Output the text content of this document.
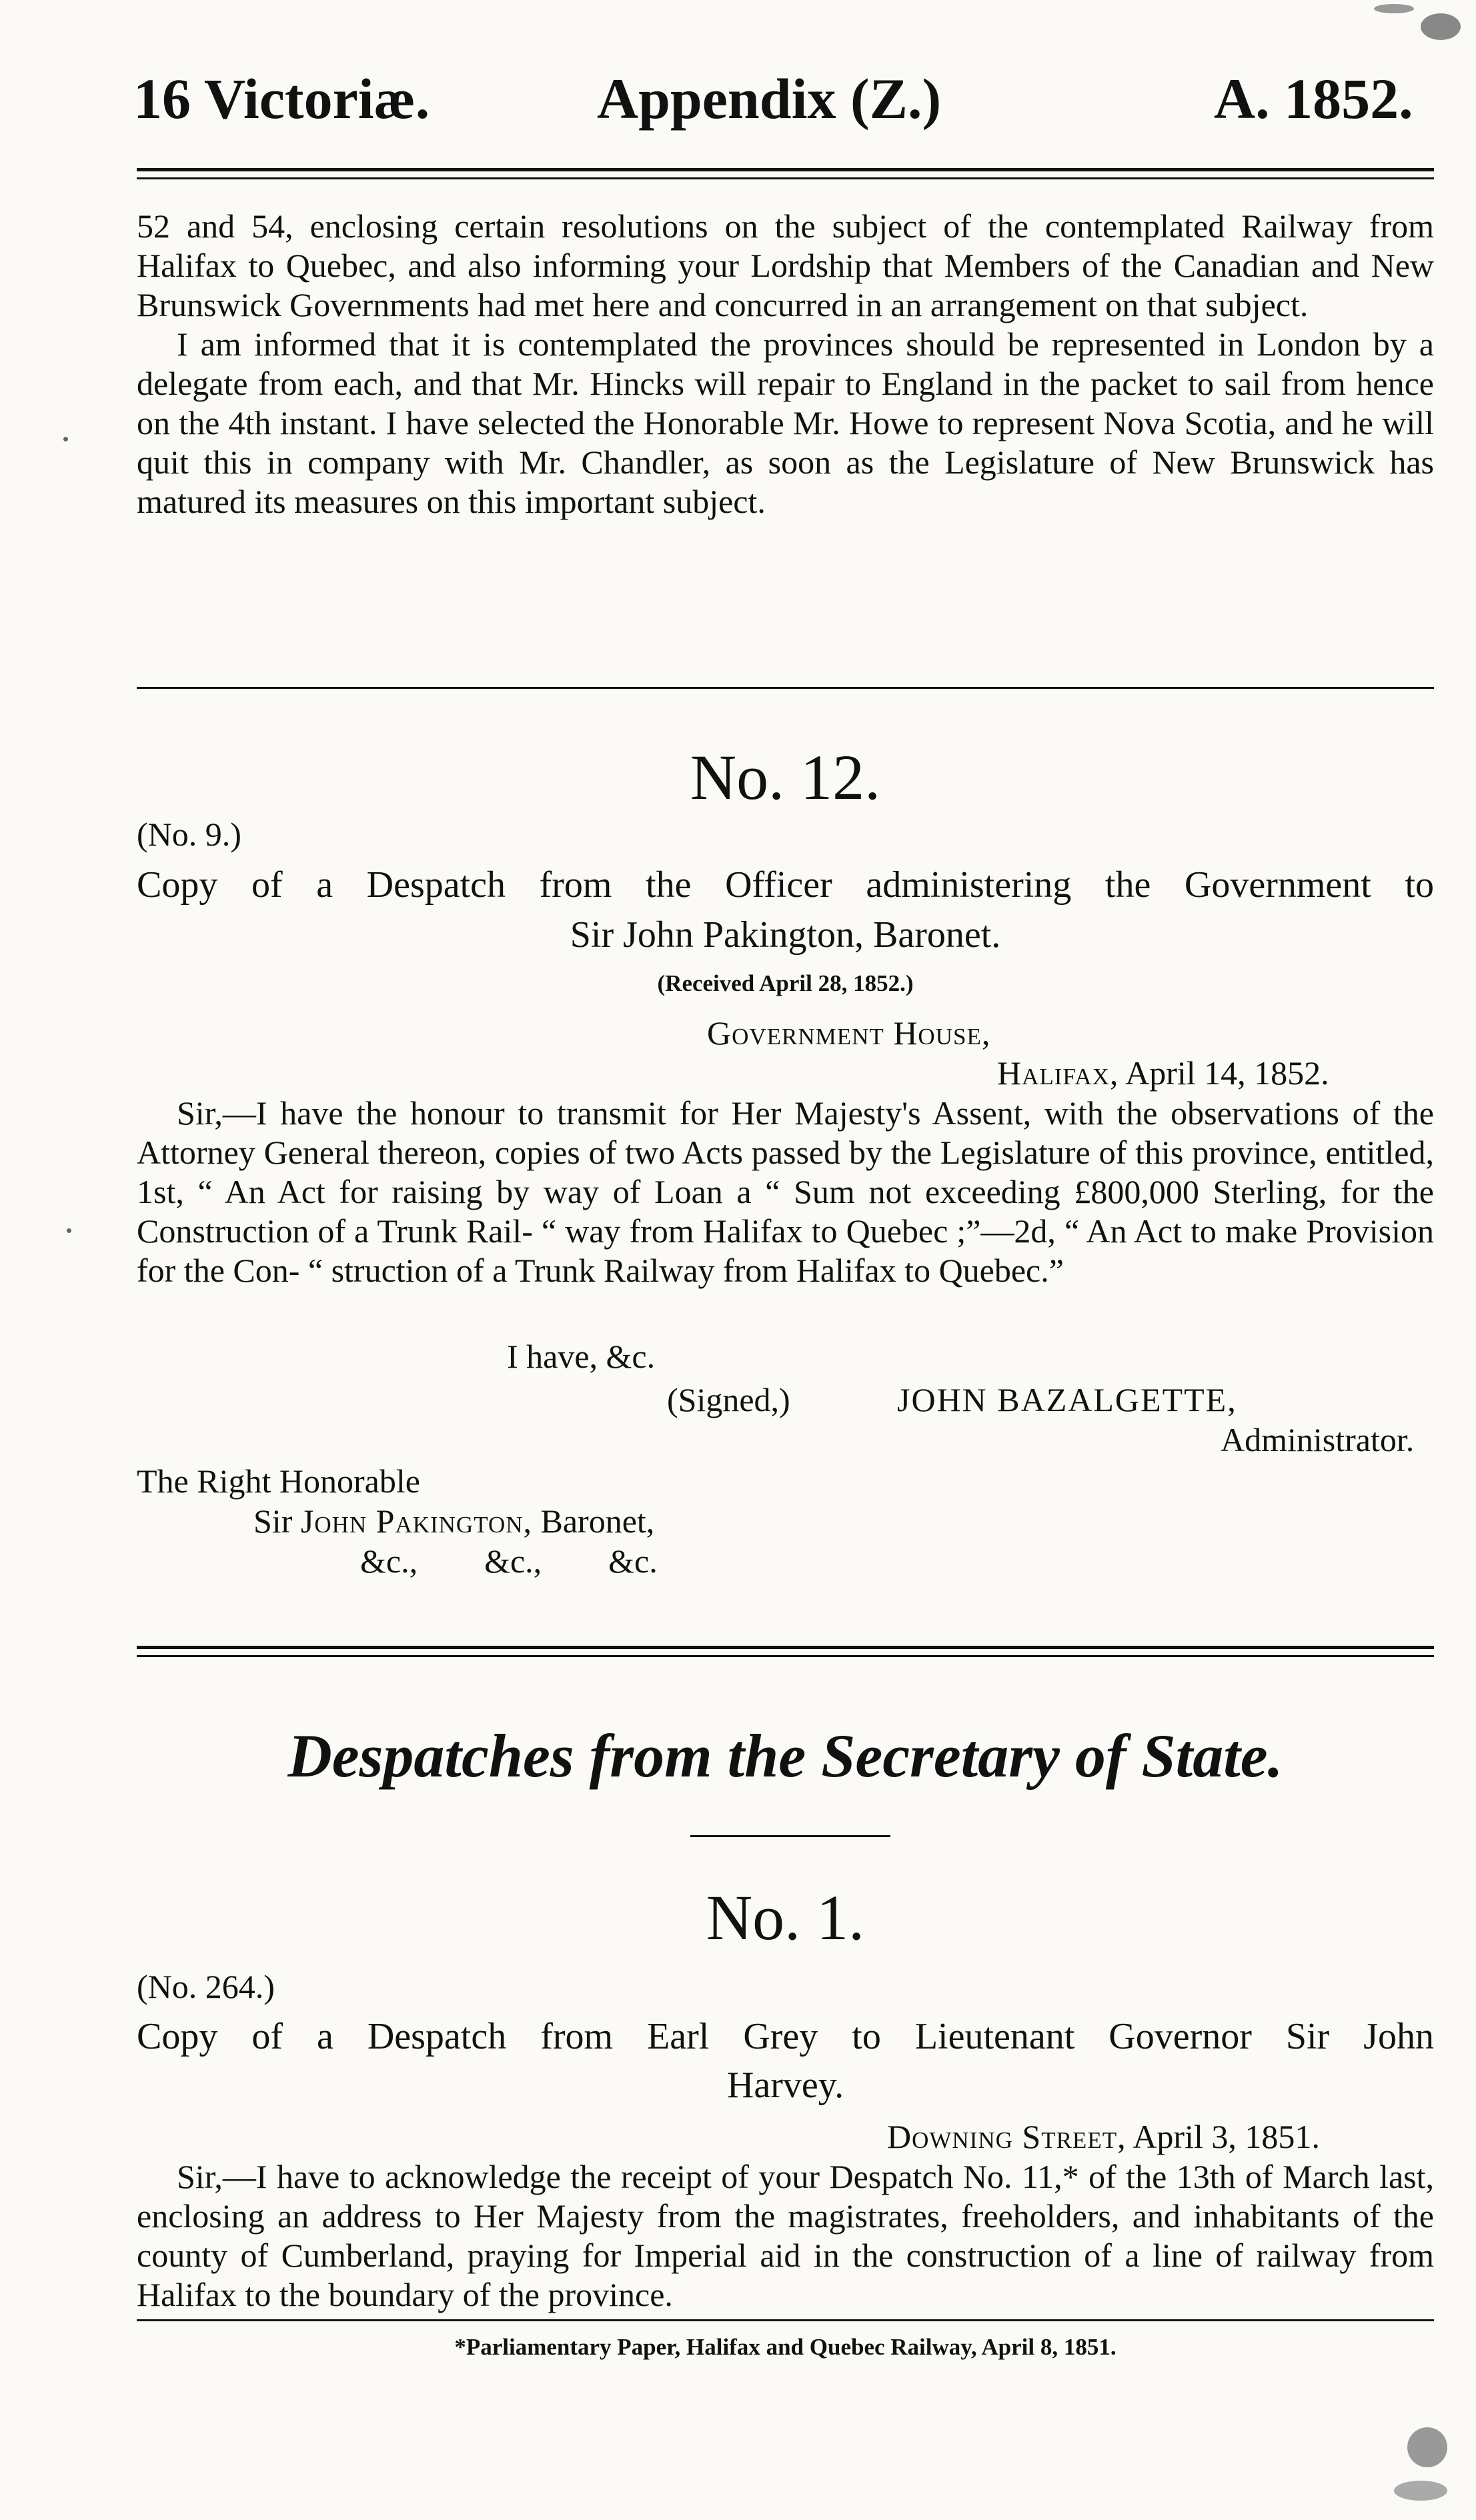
16 Victoriæ.	Appendix (Z.)	A. 1852.

52 and 54, enclosing certain resolutions on the subject of the contemplated Railway from Halifax to Quebec, and also informing your Lordship that Members of the Canadian and New Brunswick Governments had met here and concurred in an arrangement on that subject.

I am informed that it is contemplated the provinces should be represented in London by a delegate from each, and that Mr. Hincks will repair to England in the packet to sail from hence on the 4th instant. I have selected the Honorable Mr. Howe to represent Nova Scotia, and he will quit this in company with Mr. Chandler, as soon as the Legislature of New Brunswick has matured its measures on this important subject.

No. 12.
(No. 9.)
Copy of a Despatch from the Officer administering the Government to
Sir John Pakington, Baronet.
(Received April 28, 1852.)
Government House,
Halifax, April 14, 1852.

Sir,—I have the honour to transmit for Her Majesty's Assent, with the observations of the Attorney General thereon, copies of two Acts passed by the Legislature of this province, entitled, 1st, “ An Act for raising by way of Loan a “ Sum not exceeding £800,000 Sterling, for the Construction of a Trunk Rail- “ way from Halifax to Quebec ;”—2d, “ An Act to make Provision for the Con- “ struction of a Trunk Railway from Halifax to Quebec.”

I have, &c.
(Signed,)	JOHN BAZALGETTE,
Administrator.
The Right Honorable
Sir John Pakington, Baronet,
&c.,        &c.,        &c.
Despatches from the Secretary of State.
No. 1.
(No. 264.)
Copy of a Despatch from Earl Grey to Lieutenant Governor Sir John
Harvey.
Downing Street, April 3, 1851.

Sir,—I have to acknowledge the receipt of your Despatch No. 11,* of the 13th of March last, enclosing an address to Her Majesty from the magistrates, freeholders, and inhabitants of the county of Cumberland, praying for Imperial aid in the construction of a line of railway from Halifax to the boundary of the province.

*Parliamentary Paper, Halifax and Quebec Railway, April 8, 1851.
